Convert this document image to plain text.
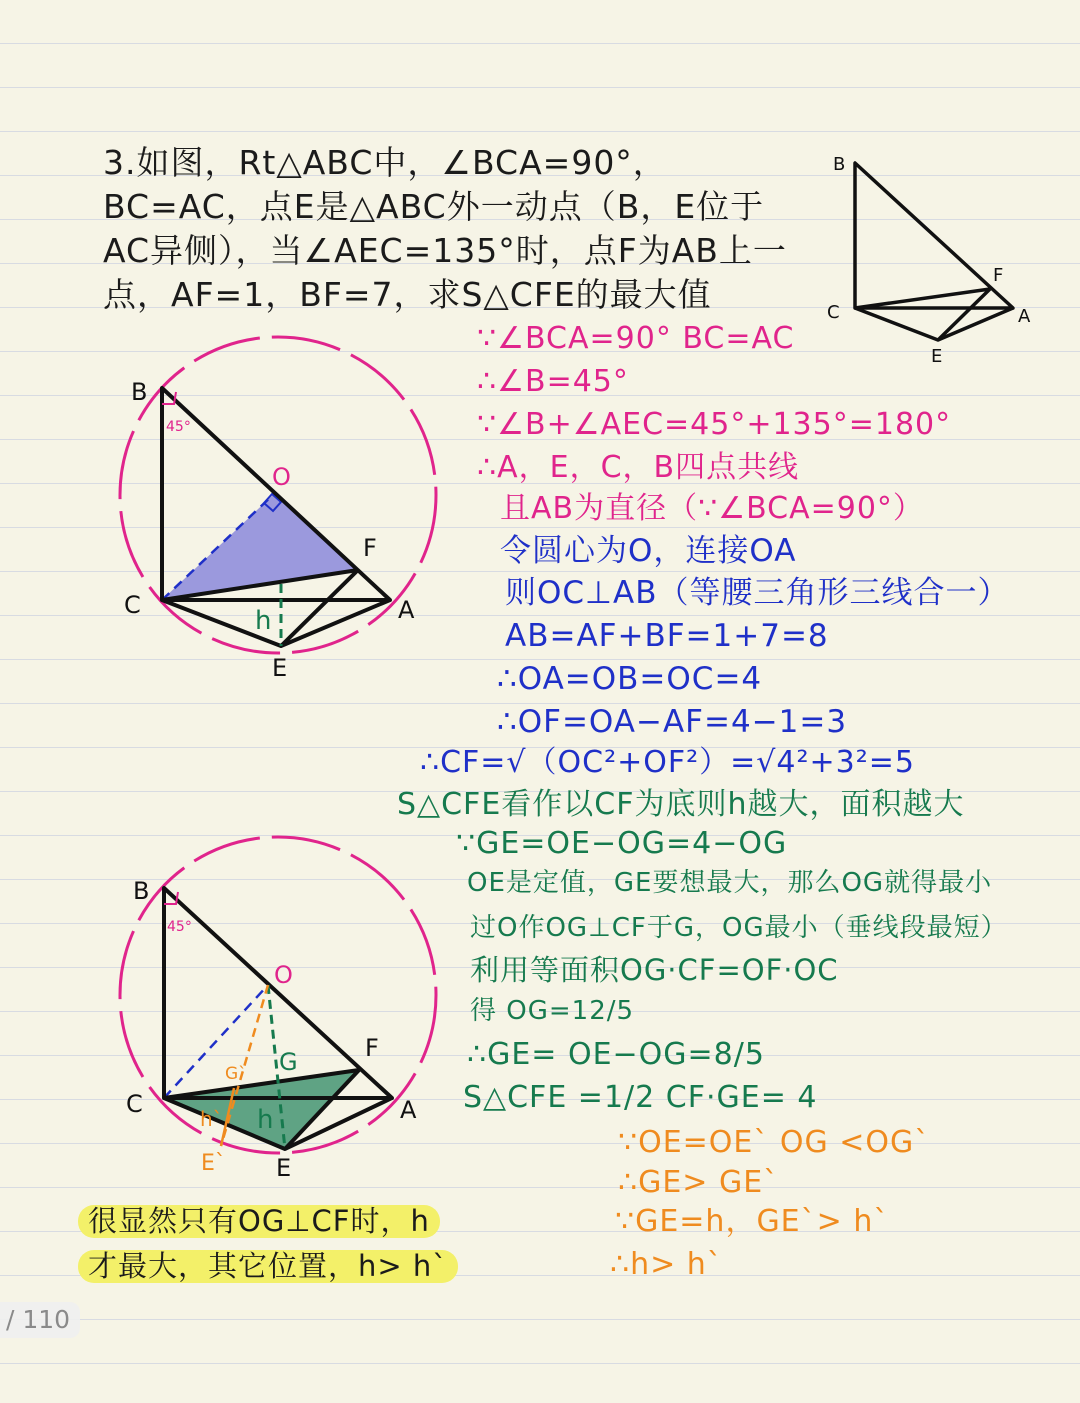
3.如图，Rt△ABC中，∠BCA=90°，
BC=AC，点E是△ABC外一动点（B，E位于
AC异侧），当∠AEC=135°时，点F为AB上一
点，AF=1，BF=7，求S△CFE的最大值
B
C	A
F
E
45°
B
C	A
F
E
O
h
∵∠BCA=90° BC=AC
∴∠B=45°
∵∠B+∠AEC=45°+135°=180°
∴A，E，C，B四点共线
且AB为直径（∵∠BCA=90°）
令圆心为O，连接OA
则OC⊥AB（等腰三角形三线合一）
AB=AF+BF=1+7=8
∴OA=OB=OC=4
∴OF=OA−AF=4−1=3
∴CF=√（OC²+OF²）=√4²+3²=5
S△CFE看作以CF为底则h越大，面积越大
∵GE=OE−OG=4−OG
OE是定值，GE要想最大，那么OG就得最小
过O作OG⊥CF于G，OG最小（垂线段最短）
利用等面积OG·CF=OF·OC
得 OG=12/5
∴GE= OE−OG=8/5
S△CFE =1/2 CF·GE= 4
45°
B
C	A
F
E
O
G
G`
E`
h
h`
∵OE=OE` OG <OG`
∴GE> GE`
∵GE=h，GE`> h`
∴h> h`
很显然只有OG⊥CF时，h
才最大，其它位置，h> h`
/ 110
